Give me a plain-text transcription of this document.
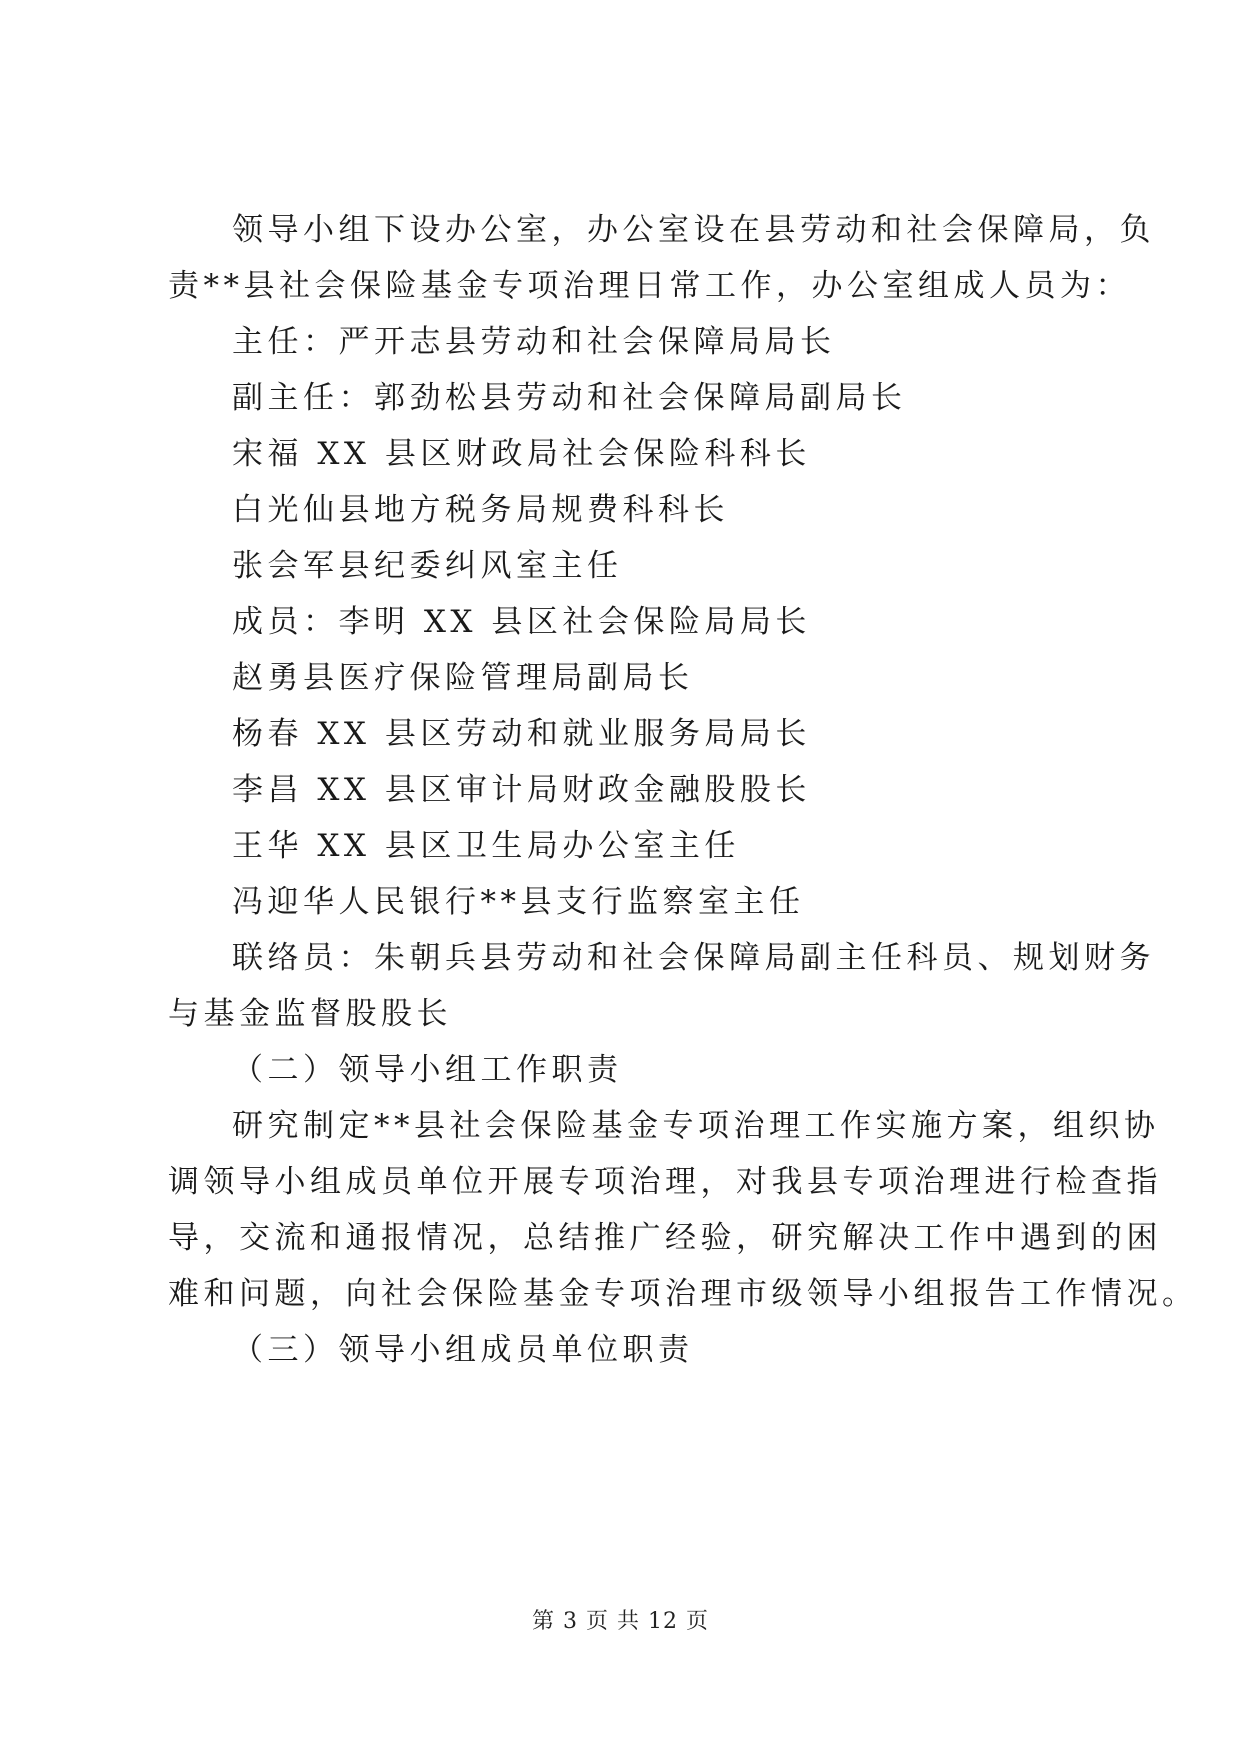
领导小组下设办公室，办公室设在县劳动和社会保障局，负
责**县社会保险基金专项治理日常工作，办公室组成人员为：
主任：严开志县劳动和社会保障局局长
副主任：郭劲松县劳动和社会保障局副局长
宋福 XX 县区财政局社会保险科科长
白光仙县地方税务局规费科科长
张会军县纪委纠风室主任
成员：李明 XX 县区社会保险局局长
赵勇县医疗保险管理局副局长
杨春 XX 县区劳动和就业服务局局长
李昌 XX 县区审计局财政金融股股长
王华 XX 县区卫生局办公室主任
冯迎华人民银行**县支行监察室主任
联络员：朱朝兵县劳动和社会保障局副主任科员、规划财务
与基金监督股股长
（二）领导小组工作职责
研究制定**县社会保险基金专项治理工作实施方案，组织协
调领导小组成员单位开展专项治理，对我县专项治理进行检查指
导，交流和通报情况，总结推广经验，研究解决工作中遇到的困
难和问题，向社会保险基金专项治理市级领导小组报告工作情况。
（三）领导小组成员单位职责
第 3 页 共 12 页
